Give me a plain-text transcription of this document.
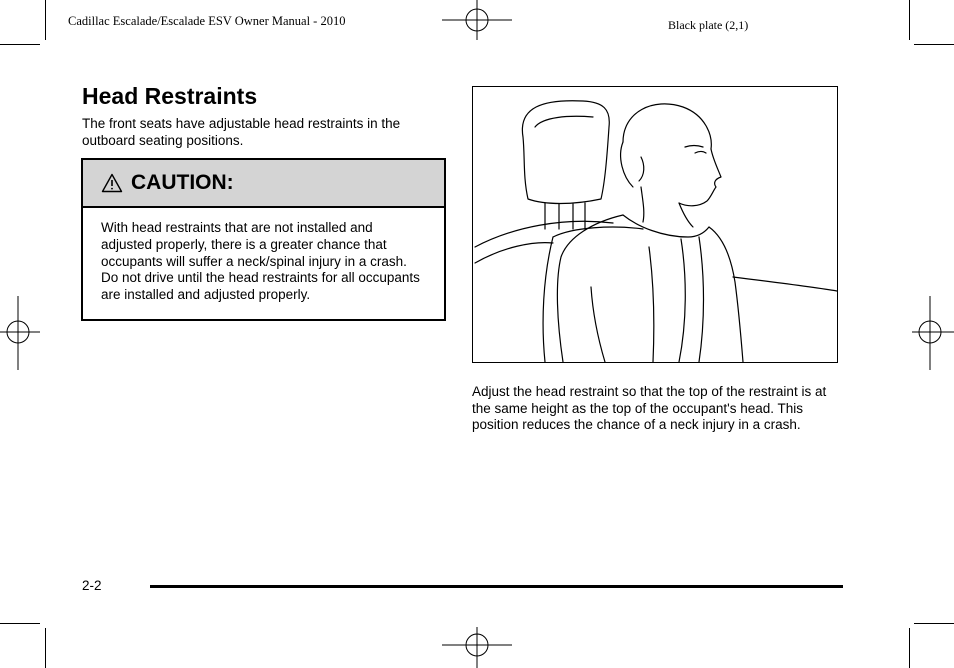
Cadillac Escalade/Escalade ESV Owner Manual - 2010	Black plate (2,1)
Head Restraints
The front seats have adjustable head restraints in the outboard seating positions.
CAUTION:
With head restraints that are not installed and adjusted properly, there is a greater chance that occupants will suffer a neck/spinal injury in a crash. Do not drive until the head restraints for all occupants are installed and adjusted properly.
Adjust the head restraint so that the top of the restraint is at the same height as the top of the occupant's head. This position reduces the chance of a neck injury in a crash.
2-2
